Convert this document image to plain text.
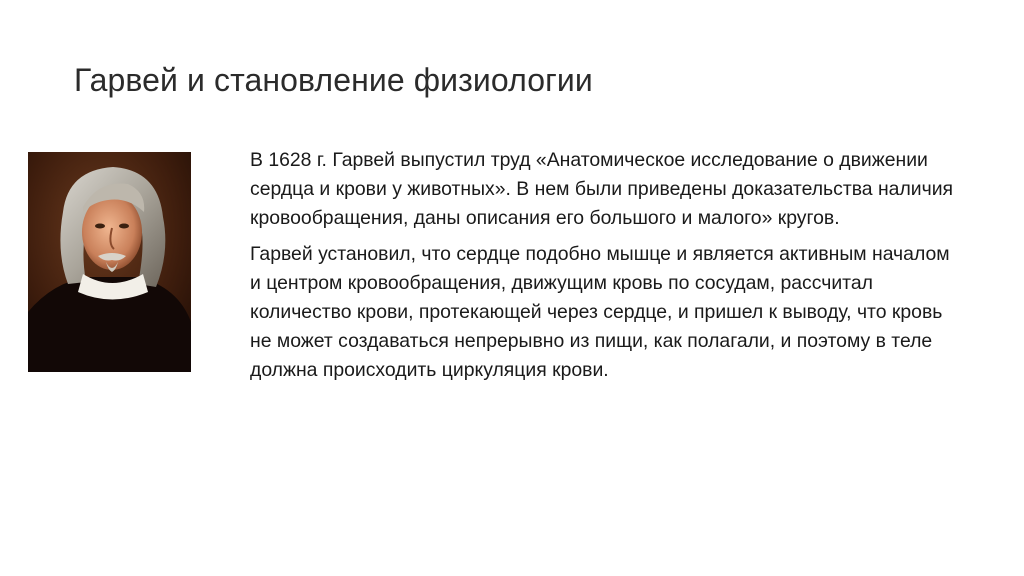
Гарвей и становление физиологии

В 1628 г. Гарвей выпустил труд «Анатомическое исследование о движении сердца и крови у животных». В нем были приведены доказательства наличия кровообращения, даны описания его большого и малого» кругов.

Гарвей установил, что сердце подобно мышце и является активным началом и центром кровообращения, движущим кровь по сосудам, рассчитал количество крови, протекающей через сердце, и пришел к выводу, что кровь не может создаваться непрерывно из пищи, как полагали, и поэтому в теле должна происходить циркуляция крови.
